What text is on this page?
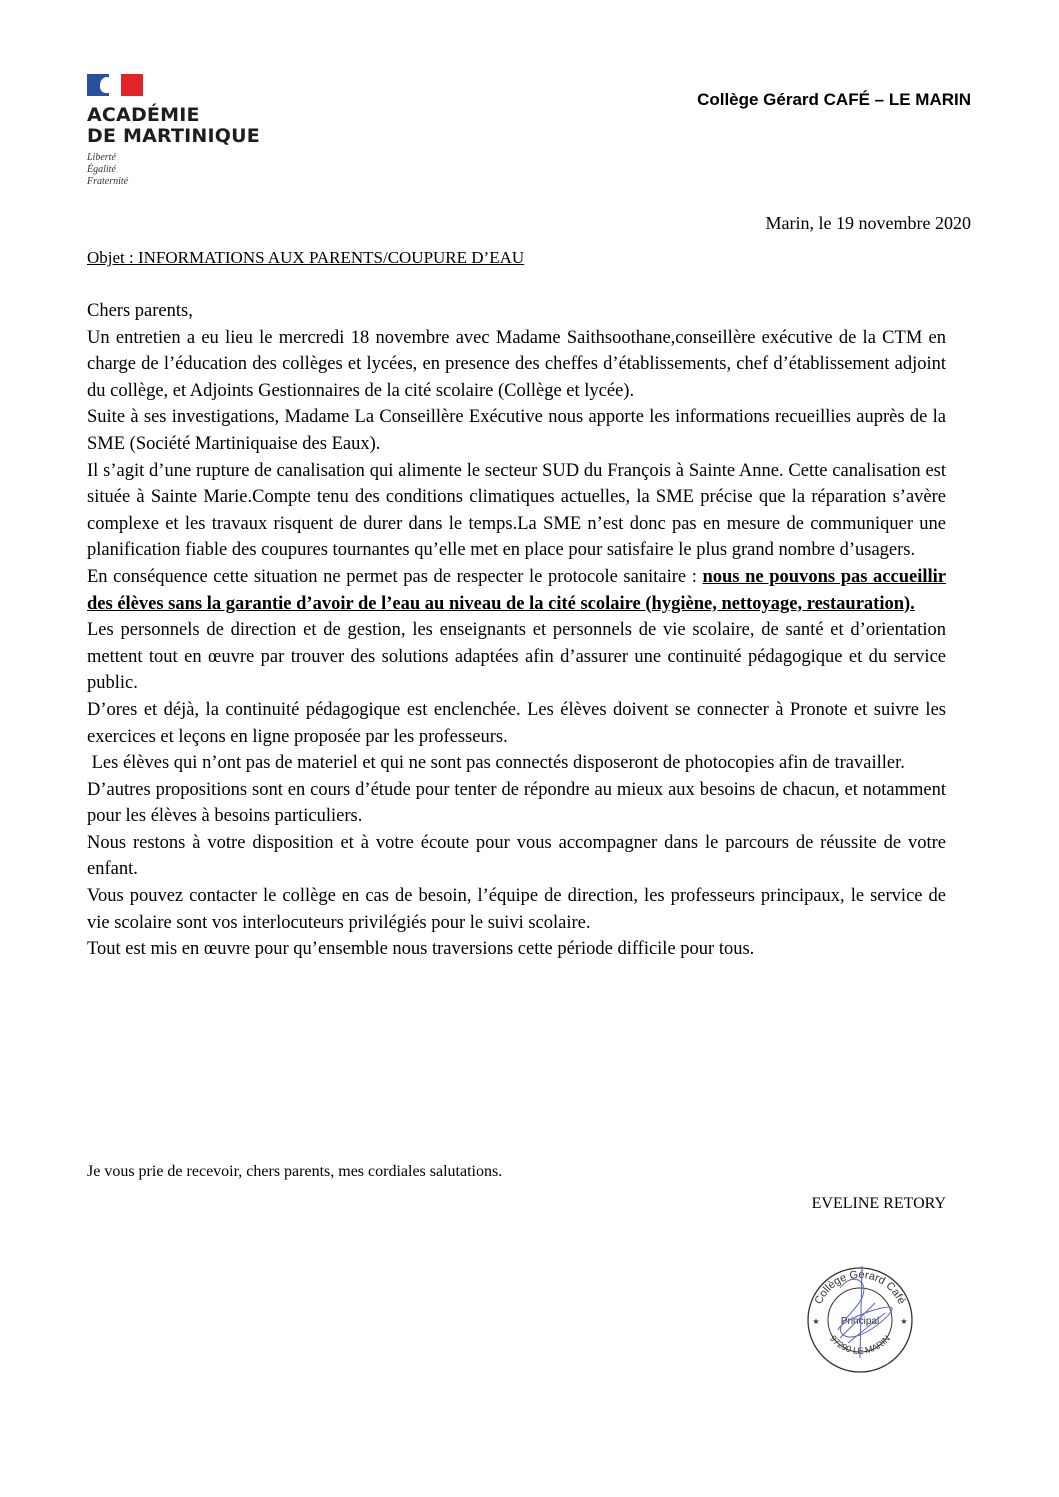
ACADÉMIE
DE MARTINIQUE
Liberté
Égalité
Fraternité
Collège Gérard CAFÉ – LE MARIN
Marin, le 19 novembre 2020
Objet : INFORMATIONS AUX PARENTS/COUPURE D’EAU

Chers parents,

Un entretien a eu lieu le mercredi 18 novembre avec Madame Saithsoothane,conseillère exécutive de la CTM en charge de l’éducation des collèges et lycées, en presence des cheffes d’établissements, chef d’établissement adjoint du collège, et Adjoints Gestionnaires de la cité scolaire (Collège et lycée).

Suite à ses investigations, Madame La Conseillère Exécutive nous apporte les informations recueillies auprès de la SME (Société Martiniquaise des Eaux).

Il s’agit d’une rupture de canalisation qui alimente le secteur SUD du François à Sainte Anne. Cette canalisation est située à Sainte Marie.Compte tenu des conditions climatiques actuelles, la SME précise que la réparation s’avère complexe et les travaux risquent de durer dans le temps.La SME n’est donc pas en mesure de communiquer une planification fiable des coupures tournantes qu’elle met en place pour satisfaire le plus grand nombre d’usagers.

En conséquence cette situation ne permet pas de respecter le protocole sanitaire : nous ne pouvons pas accueillir des élèves sans la garantie d’avoir de l’eau au niveau de la cité scolaire (hygiène, nettoyage, restauration).

Les personnels de direction et de gestion, les enseignants et personnels de vie scolaire, de santé et d’orientation mettent tout en œuvre par trouver des solutions adaptées afin d’assurer une continuité pédagogique et du service public.

D’ores et déjà, la continuité pédagogique est enclenchée. Les élèves doivent se connecter à Pronote et suivre les exercices et leçons en ligne proposée par les professeurs.

Les élèves qui n’ont pas de materiel et qui ne sont pas connectés disposeront de photocopies afin de travailler.

D’autres propositions sont en cours d’étude pour tenter de répondre au mieux aux besoins de chacun, et notamment pour les élèves à besoins particuliers.

Nous restons à votre disposition et à votre écoute pour vous accompagner dans le parcours de réussite de votre enfant.

Vous pouvez contacter le collège en cas de besoin, l’équipe de direction, les professeurs principaux, le service de vie scolaire sont vos interlocuteurs privilégiés pour le suivi scolaire.

Tout est mis en œuvre pour qu’ensemble nous traversions cette période difficile pour tous.

Je vous prie de recevoir, chers parents, mes cordiales salutations.
EVELINE RETORY
Collège Gérard Café
97290 LE MARIN
Principal
★	★
